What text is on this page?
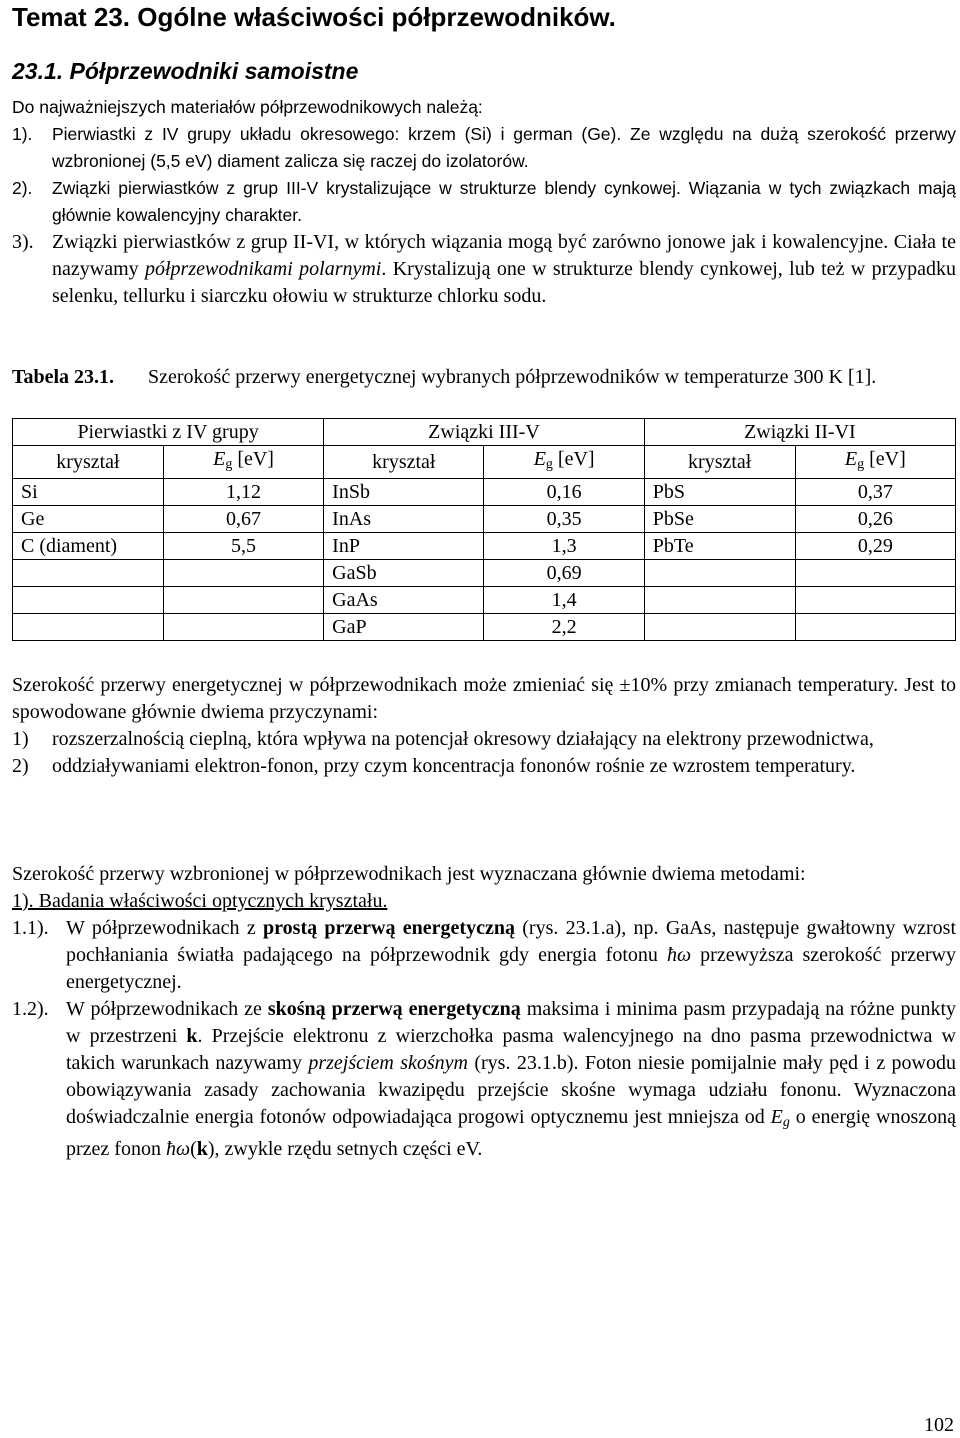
Temat 23. Ogólne właściwości półprzewodników.
23.1. Półprzewodniki samoistne
Do najważniejszych materiałów półprzewodnikowych należą:
1). Pierwiastki z IV grupy układu okresowego: krzem (Si) i german (Ge). Ze względu na dużą szerokość przerwy wzbronionej (5,5 eV) diament zalicza się raczej do izolatorów.
2). Związki pierwiastków z grup III-V krystalizujące w strukturze blendy cynkowej. Wiązania w tych związkach mają głównie kowalencyjny charakter.
3). Związki pierwiastków z grup II-VI, w których wiązania mogą być zarówno jonowe jak i kowalencyjne. Ciała te nazywamy półprzewodnikami polarnymi. Krystalizują one w strukturze blendy cynkowej, lub też w przypadku selenku, tellurku i siarczku ołowiu w strukturze chlorku sodu.
Tabela 23.1. Szerokość przerwy energetycznej wybranych półprzewodników w temperaturze 300 K [1].
Pierwiastki z IV grupy		Związki III-V		Związki II-VI	
kryształ	$E_g$ [eV]	kryształ	$E_g$ [eV]	kryształ	$E_g$ [eV]
Si	1,12	InSb	0,16	PbS	0,37
Ge	0,67	InAs	0,35	PbSe	0,26
C (diament)	5,5	InP	1,3	PbTe	0,29
		GaSb	0,69		
		GaAs	1,4		
		GaP	2,2		
Szerokość przerwy energetycznej w półprzewodnikach może zmieniać się ±10% przy zmianach temperatury. Jest to spowodowane głównie dwiema przyczynami:
1) rozszerzalnością cieplną, która wpływa na potencjał okresowy działający na elektrony przewodnictwa,
2) oddziaływaniami elektron-fonon, przy czym koncentracja fononów rośnie ze wzrostem temperatury.
Szerokość przerwy wzbronionej w półprzewodnikach jest wyznaczana głównie dwiema metodami:
1). Badania właściwości optycznych kryształu.
1.1). W półprzewodnikach z prostą przerwą energetyczną (rys. 23.1.a), np. GaAs, następuje gwałtowny wzrost pochłaniania światła padającego na półprzewodnik gdy energia fotonu ħω przewyższa szerokość przerwy energetycznej.
1.2). W półprzewodnikach ze skośną przerwą energetyczną maksima i minima pasm przypadają na różne punkty w przestrzeni k. Przejście elektronu z wierzchołka pasma walencyjnego na dno pasma przewodnictwa w takich warunkach nazywamy przejściem skośnym (rys. 23.1.b). Foton niesie pomijalnie mały pęd i z powodu obowiązywania zasady zachowania kwazipędu przejście skośne wymaga udziału fononu. Wyznaczona doświadczalnie energia fotonów odpowiadająca progowi optycznemu jest mniejsza od $E_g$ o energię wnoszoną przez fonon ħω(k), zwykle rzędu setnych części eV.
102
